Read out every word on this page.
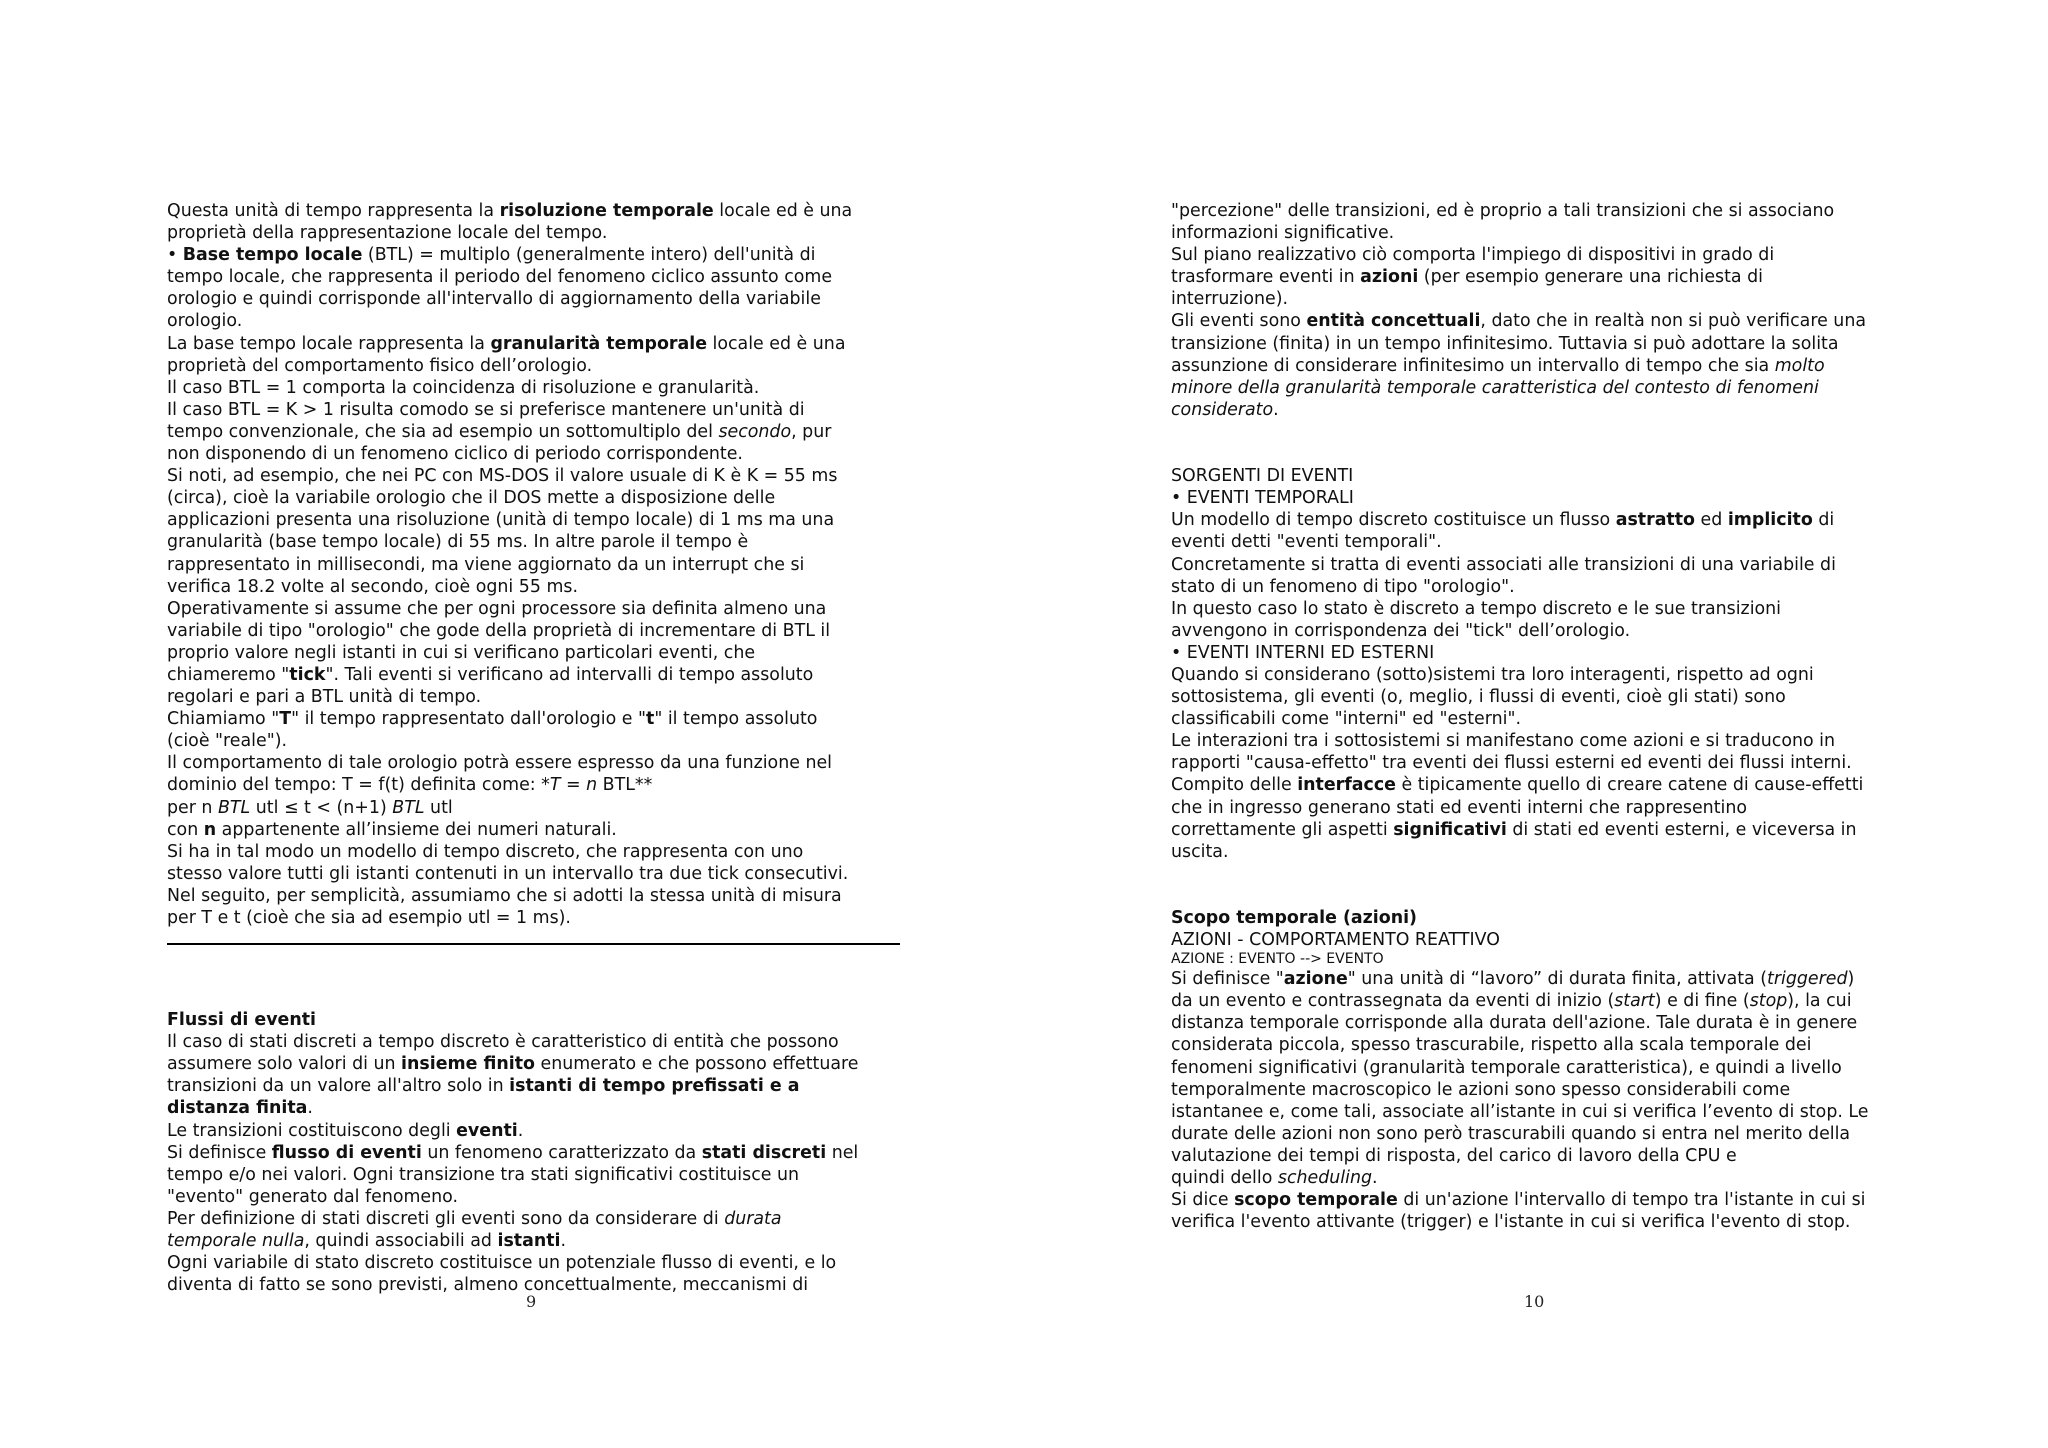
Questa unità di tempo rappresenta la risoluzione temporale locale ed è una
proprietà della rappresentazione locale del tempo.
• Base tempo locale (BTL) = multiplo (generalmente intero) dell'unità di
tempo locale, che rappresenta il periodo del fenomeno ciclico assunto come
orologio e quindi corrisponde all'intervallo di aggiornamento della variabile
orologio.
La base tempo locale rappresenta la granularità temporale locale ed è una
proprietà del comportamento fisico dell’orologio.
Il caso BTL = 1 comporta la coincidenza di risoluzione e granularità.
Il caso BTL = K > 1 risulta comodo se si preferisce mantenere un'unità di
tempo convenzionale, che sia ad esempio un sottomultiplo del secondo, pur
non disponendo di un fenomeno ciclico di periodo corrispondente.
Si noti, ad esempio, che nei PC con MS-DOS il valore usuale di K è K = 55 ms
(circa), cioè la variabile orologio che il DOS mette a disposizione delle
applicazioni presenta una risoluzione (unità di tempo locale) di 1 ms ma una
granularità (base tempo locale) di 55 ms. In altre parole il tempo è
rappresentato in millisecondi, ma viene aggiornato da un interrupt che si
verifica 18.2 volte al secondo, cioè ogni 55 ms.
Operativamente si assume che per ogni processore sia definita almeno una
variabile di tipo "orologio" che gode della proprietà di incrementare di BTL il
proprio valore negli istanti in cui si verificano particolari eventi, che
chiameremo "tick". Tali eventi si verificano ad intervalli di tempo assoluto
regolari e pari a BTL unità di tempo.
Chiamiamo "T" il tempo rappresentato dall'orologio e "t" il tempo assoluto
(cioè "reale").
Il comportamento di tale orologio potrà essere espresso da una funzione nel
dominio del tempo: T = f(t) definita come: *T = n BTL**
per n BTL utl ≤ t < (n+1) BTL utl
con n appartenente all’insieme dei numeri naturali.
Si ha in tal modo un modello di tempo discreto, che rappresenta con uno
stesso valore tutti gli istanti contenuti in un intervallo tra due tick consecutivi.
Nel seguito, per semplicità, assumiamo che si adotti la stessa unità di misura
per T e t (cioè che sia ad esempio utl = 1 ms).
Flussi di eventi
Il caso di stati discreti a tempo discreto è caratteristico di entità che possono
assumere solo valori di un insieme finito enumerato e che possono effettuare
transizioni da un valore all'altro solo in istanti di tempo prefissati e a
distanza finita.
Le transizioni costituiscono degli eventi.
Si definisce flusso di eventi un fenomeno caratterizzato da stati discreti nel
tempo e/o nei valori. Ogni transizione tra stati significativi costituisce un
"evento" generato dal fenomeno.
Per definizione di stati discreti gli eventi sono da considerare di durata
temporale nulla, quindi associabili ad istanti.
Ogni variabile di stato discreto costituisce un potenziale flusso di eventi, e lo
diventa di fatto se sono previsti, almeno concettualmente, meccanismi di
"percezione" delle transizioni, ed è proprio a tali transizioni che si associano
informazioni significative.
Sul piano realizzativo ciò comporta l'impiego di dispositivi in grado di
trasformare eventi in azioni (per esempio generare una richiesta di
interruzione).
Gli eventi sono entità concettuali, dato che in realtà non si può verificare una
transizione (finita) in un tempo infinitesimo. Tuttavia si può adottare la solita
assunzione di considerare infinitesimo un intervallo di tempo che sia molto
minore della granularità temporale caratteristica del contesto di fenomeni
considerato.

SORGENTI DI EVENTI
• EVENTI TEMPORALI
Un modello di tempo discreto costituisce un flusso astratto ed implicito di
eventi detti "eventi temporali".
Concretamente si tratta di eventi associati alle transizioni di una variabile di
stato di un fenomeno di tipo "orologio".
In questo caso lo stato è discreto a tempo discreto e le sue transizioni
avvengono in corrispondenza dei "tick" dell’orologio.
• EVENTI INTERNI ED ESTERNI
Quando si considerano (sotto)sistemi tra loro interagenti, rispetto ad ogni
sottosistema, gli eventi (o, meglio, i flussi di eventi, cioè gli stati) sono
classificabili come "interni" ed "esterni".
Le interazioni tra i sottosistemi si manifestano come azioni e si traducono in
rapporti "causa-effetto" tra eventi dei flussi esterni ed eventi dei flussi interni.
Compito delle interfacce è tipicamente quello di creare catene di cause-effetti
che in ingresso generano stati ed eventi interni che rappresentino
correttamente gli aspetti significativi di stati ed eventi esterni, e viceversa in
uscita.

Scopo temporale (azioni)
AZIONI - COMPORTAMENTO REATTIVO
AZIONE : EVENTO --> EVENTO
Si definisce "azione" una unità di “lavoro” di durata finita, attivata (triggered)
da un evento e contrassegnata da eventi di inizio (start) e di fine (stop), la cui
distanza temporale corrisponde alla durata dell'azione. Tale durata è in genere
considerata piccola, spesso trascurabile, rispetto alla scala temporale dei
fenomeni significativi (granularità temporale caratteristica), e quindi a livello
temporalmente macroscopico le azioni sono spesso considerabili come
istantanee e, come tali, associate all’istante in cui si verifica l’evento di stop. Le
durate delle azioni non sono però trascurabili quando si entra nel merito della
valutazione dei tempi di risposta, del carico di lavoro della CPU e
quindi dello scheduling.
Si dice scopo temporale di un'azione l'intervallo di tempo tra l'istante in cui si
verifica l'evento attivante (trigger) e l'istante in cui si verifica l'evento di stop.
9	10
